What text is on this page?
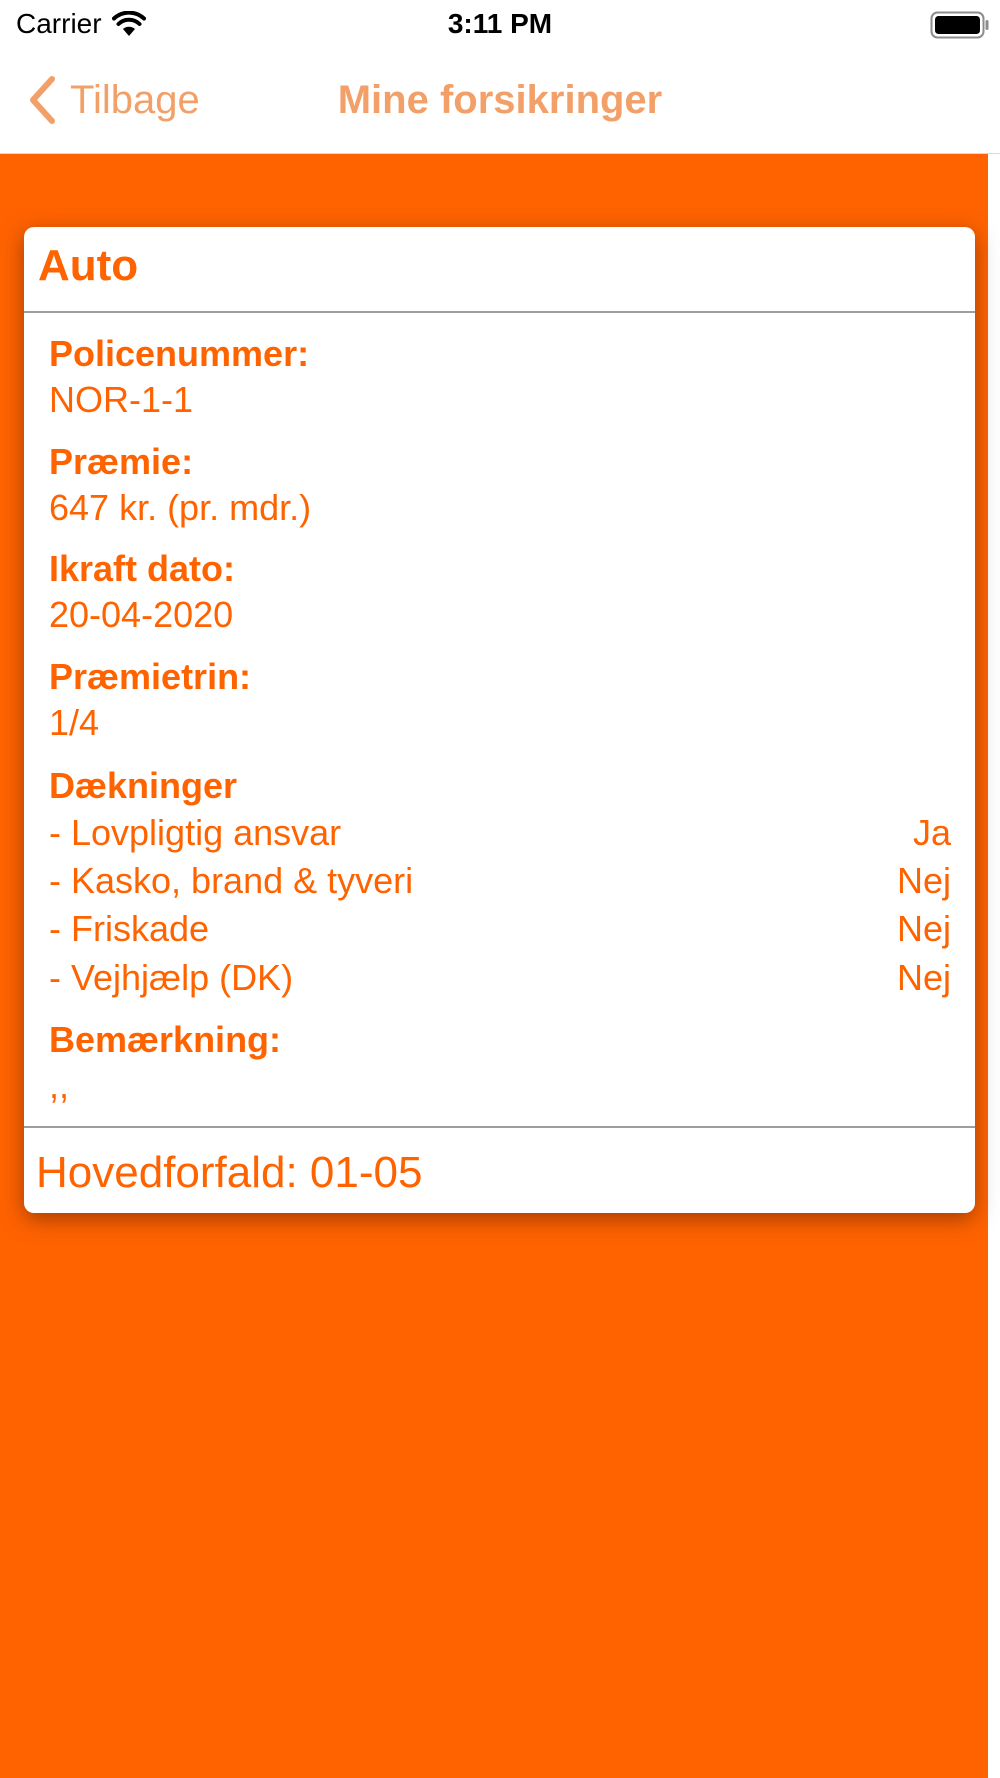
Carrier	3:11 PM
Tilbage	Mine forsikringer
Auto
Policenummer:
NOR-1-1
Præmie:
647 kr. (pr. mdr.)
Ikraft dato:
20-04-2020
Præmietrin:
1/4
Dækninger
- Lovpligtig ansvar	Ja
- Kasko, brand & tyveri	Nej
- Friskade	Nej
- Vejhjælp (DK)	Nej
Bemærkning:
,,
Hovedforfald: 01-05
